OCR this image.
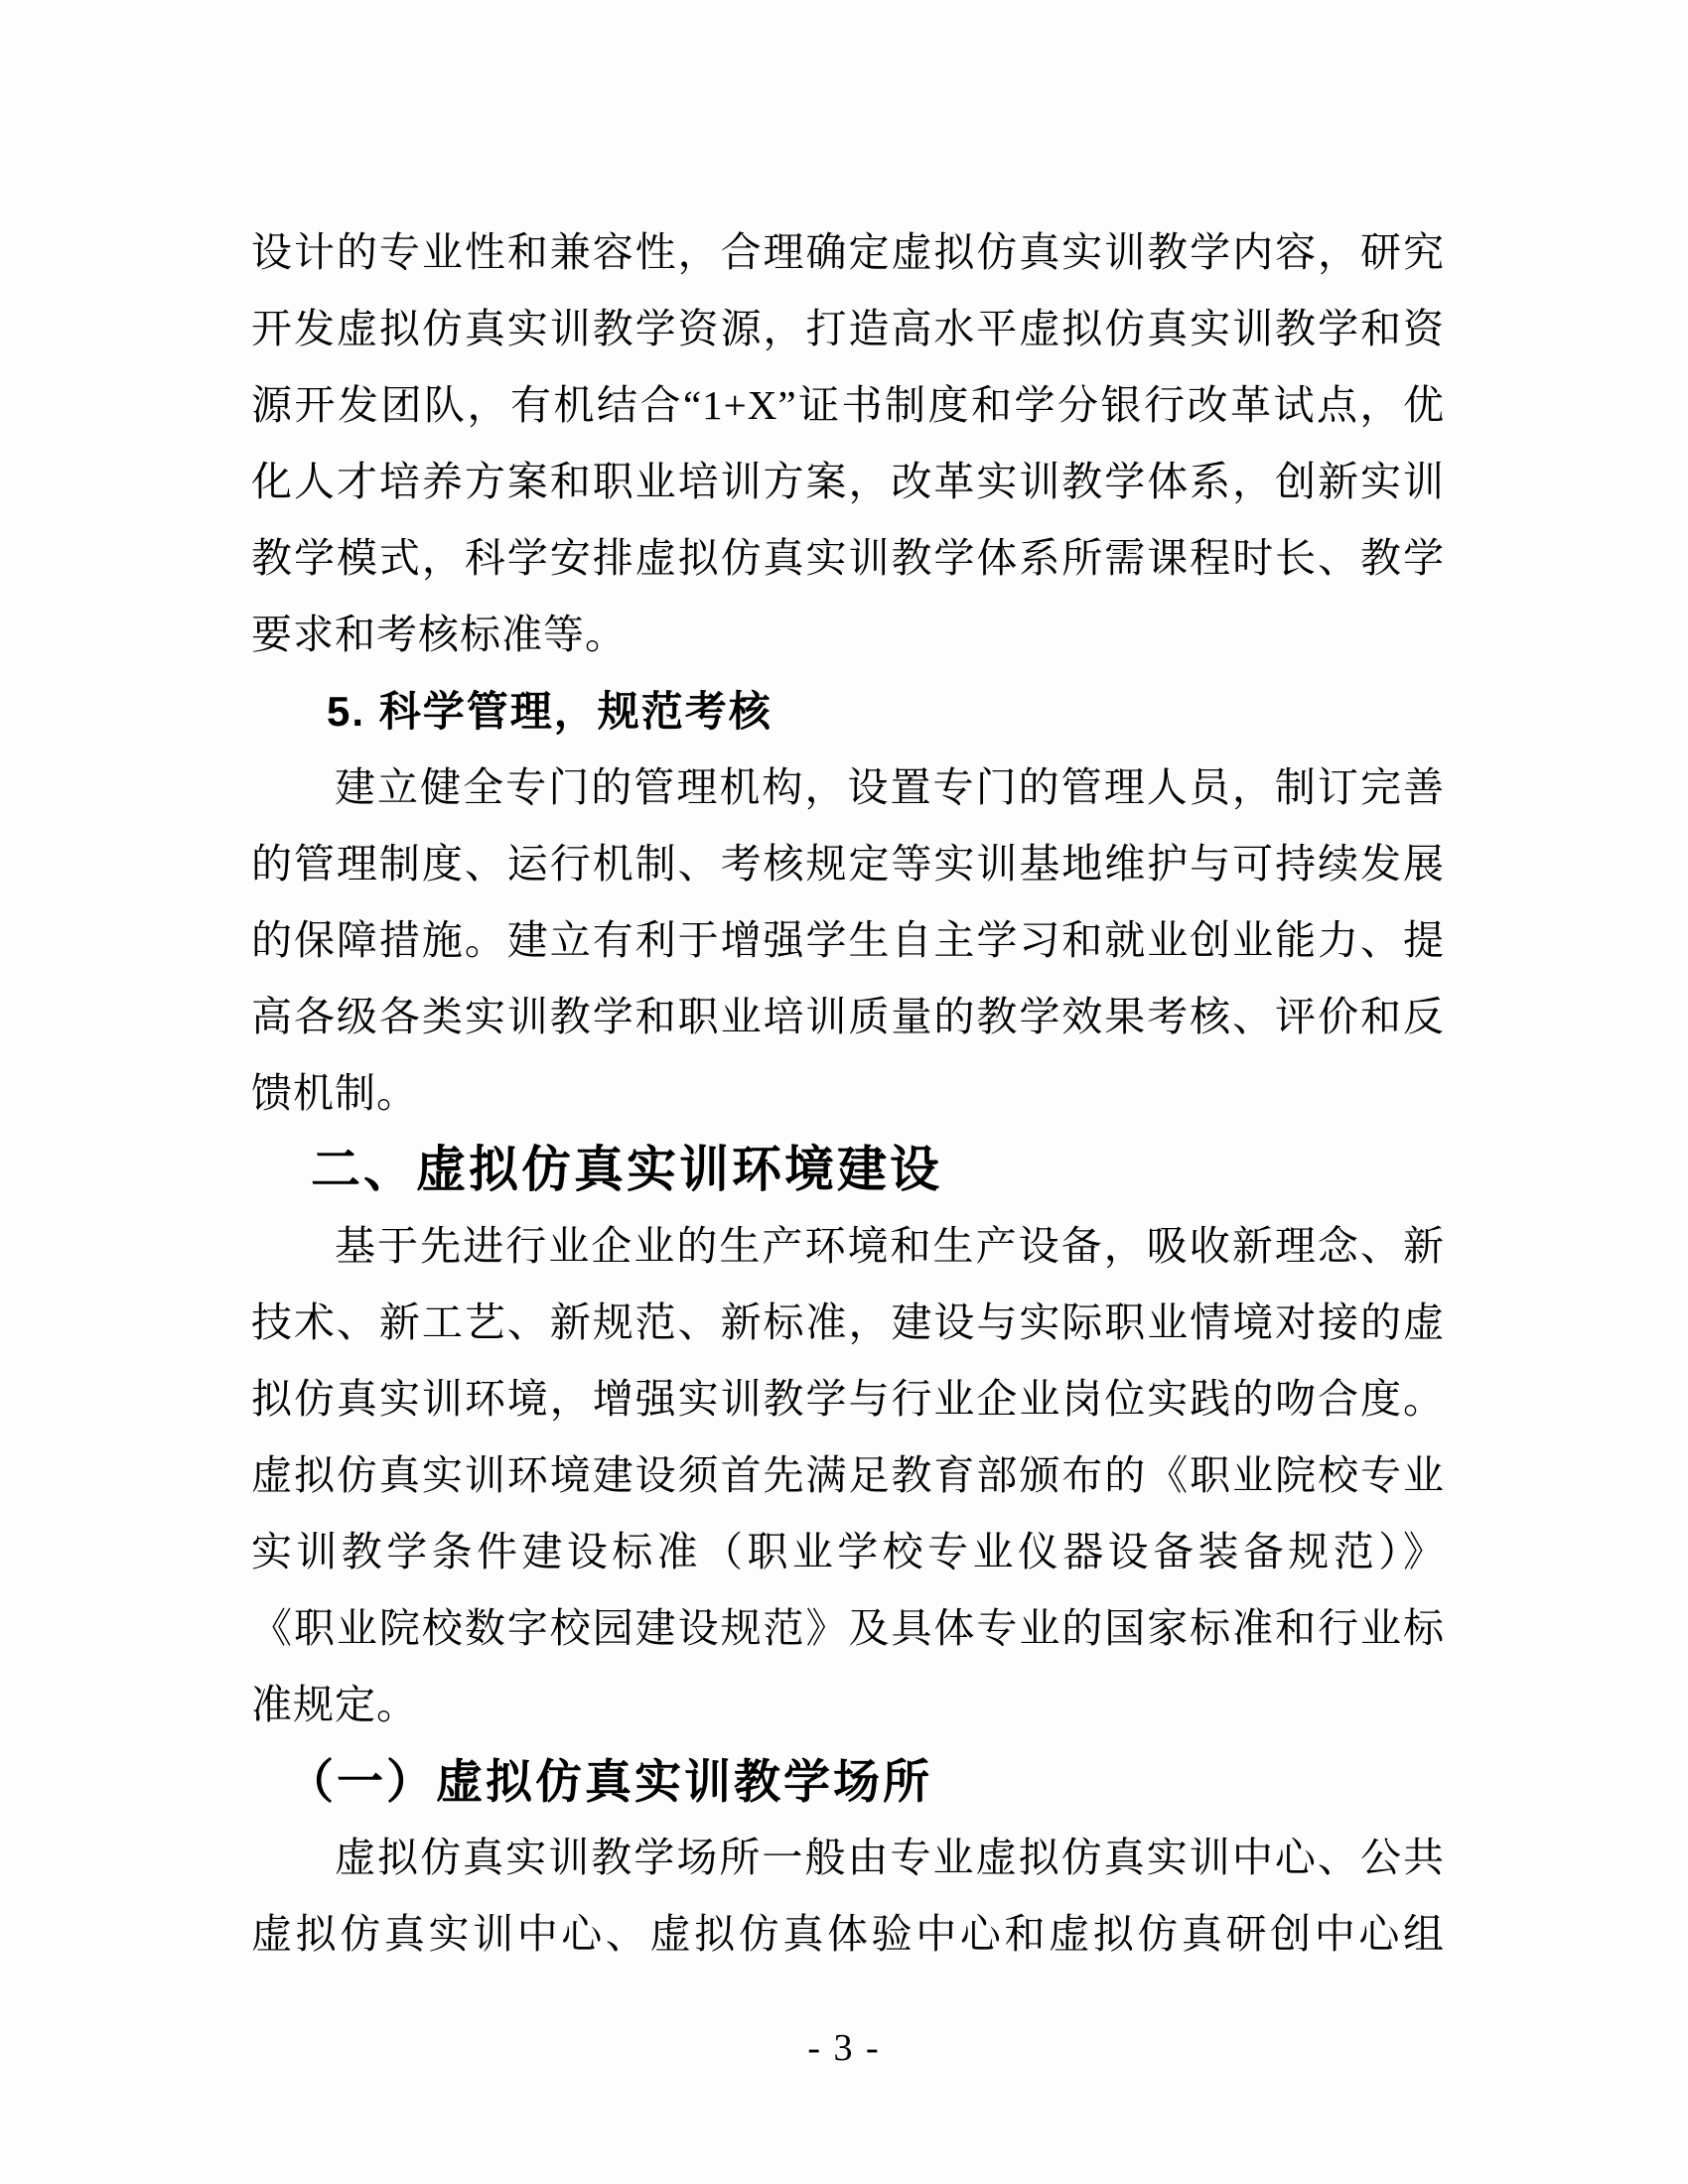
设计的专业性和兼容性，合理确定虚拟仿真实训教学内容，研究
开发虚拟仿真实训教学资源，打造高水平虚拟仿真实训教学和资
源开发团队，有机结合“1+X”证书制度和学分银行改革试点，优
化人才培养方案和职业培训方案，改革实训教学体系，创新实训
教学模式，科学安排虚拟仿真实训教学体系所需课程时长、教学
要求和考核标准等。
5. 科学管理，规范考核
建立健全专门的管理机构，设置专门的管理人员，制订完善
的管理制度、运行机制、考核规定等实训基地维护与可持续发展
的保障措施。建立有利于增强学生自主学习和就业创业能力、提
高各级各类实训教学和职业培训质量的教学效果考核、评价和反
馈机制。
二、虚拟仿真实训环境建设
基于先进行业企业的生产环境和生产设备，吸收新理念、新
技术、新工艺、新规范、新标准，建设与实际职业情境对接的虚
拟仿真实训环境，增强实训教学与行业企业岗位实践的吻合度。
虚拟仿真实训环境建设须首先满足教育部颁布的《职业院校专业
实训教学条件建设标准（职业学校专业仪器设备装备规范）》
《职业院校数字校园建设规范》及具体专业的国家标准和行业标
准规定。
（一）虚拟仿真实训教学场所
虚拟仿真实训教学场所一般由专业虚拟仿真实训中心、公共
虚拟仿真实训中心、虚拟仿真体验中心和虚拟仿真研创中心组
- 3 -
